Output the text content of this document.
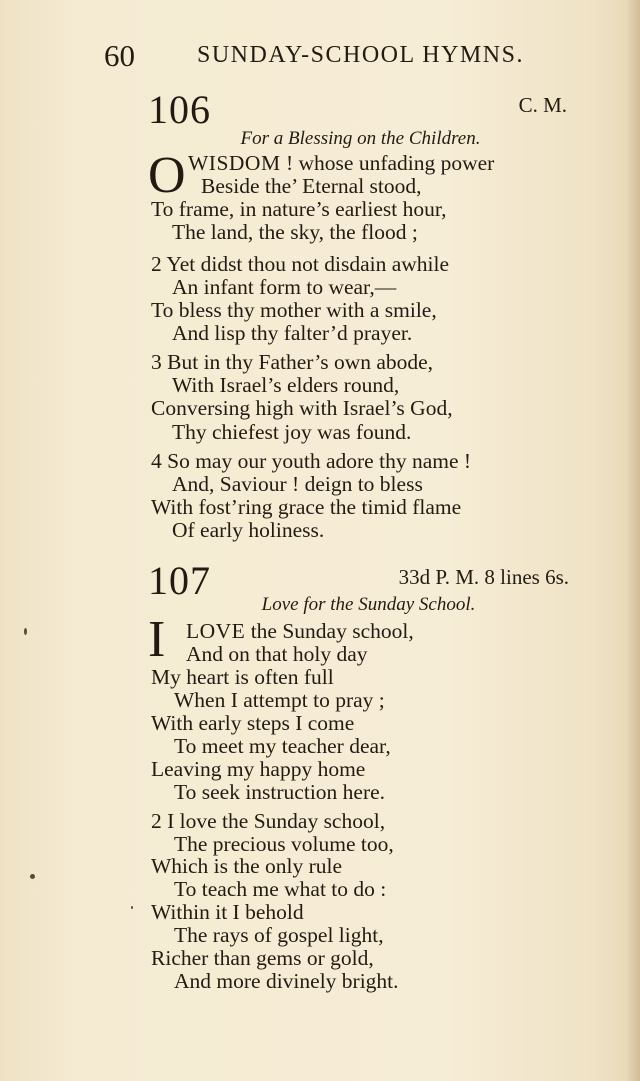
60	SUNDAY-SCHOOL HYMNS.
106	C. M.
For a Blessing on the Children.
O WISDOM ! whose unfading power
Beside the’ Eternal stood,
To frame, in nature’s earliest hour,
The land, the sky, the flood ;
2 Yet didst thou not disdain awhile
An infant form to wear,—
To bless thy mother with a smile,
And lisp thy falter’d prayer.
3 But in thy Father’s own abode,
With Israel’s elders round,
Conversing high with Israel’s God,
Thy chiefest joy was found.
4 So may our youth adore thy name !
And, Saviour ! deign to bless
With fost’ring grace the timid flame
Of early holiness.
107	33d P. M. 8 lines 6s.
Love for the Sunday School.
I LOVE the Sunday school,
And on that holy day
My heart is often full
When I attempt to pray ;
With early steps I come
To meet my teacher dear,
Leaving my happy home
To seek instruction here.
2 I love the Sunday school,
The precious volume too,
Which is the only rule
To teach me what to do :
Within it I behold
The rays of gospel light,
Richer than gems or gold,
And more divinely bright.
